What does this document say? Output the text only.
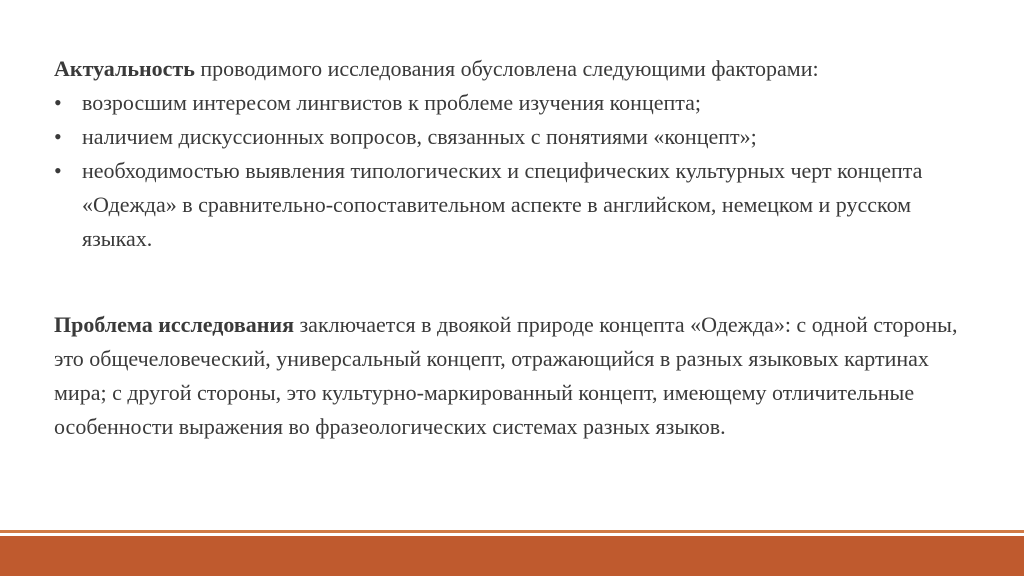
Актуальность проводимого исследования обусловлена следующими факторами:

• возросшим интересом лингвистов к проблеме изучения концепта;
• наличием дискуссионных вопросов, связанных с понятиями «концепт»;
• необходимостью выявления типологических и специфических культурных черт концепта «Одежда» в сравнительно-сопоставительном аспекте в английском, немецком и русском языках.

Проблема исследования заключается в двоякой природе концепта «Одежда»: с одной стороны, это общечеловеческий, универсальный концепт, отражающийся в разных языковых картинах мира; с другой стороны, это культурно-маркированный концепт, имеющему отличительные особенности выражения во фразеологических системах разных языков.
